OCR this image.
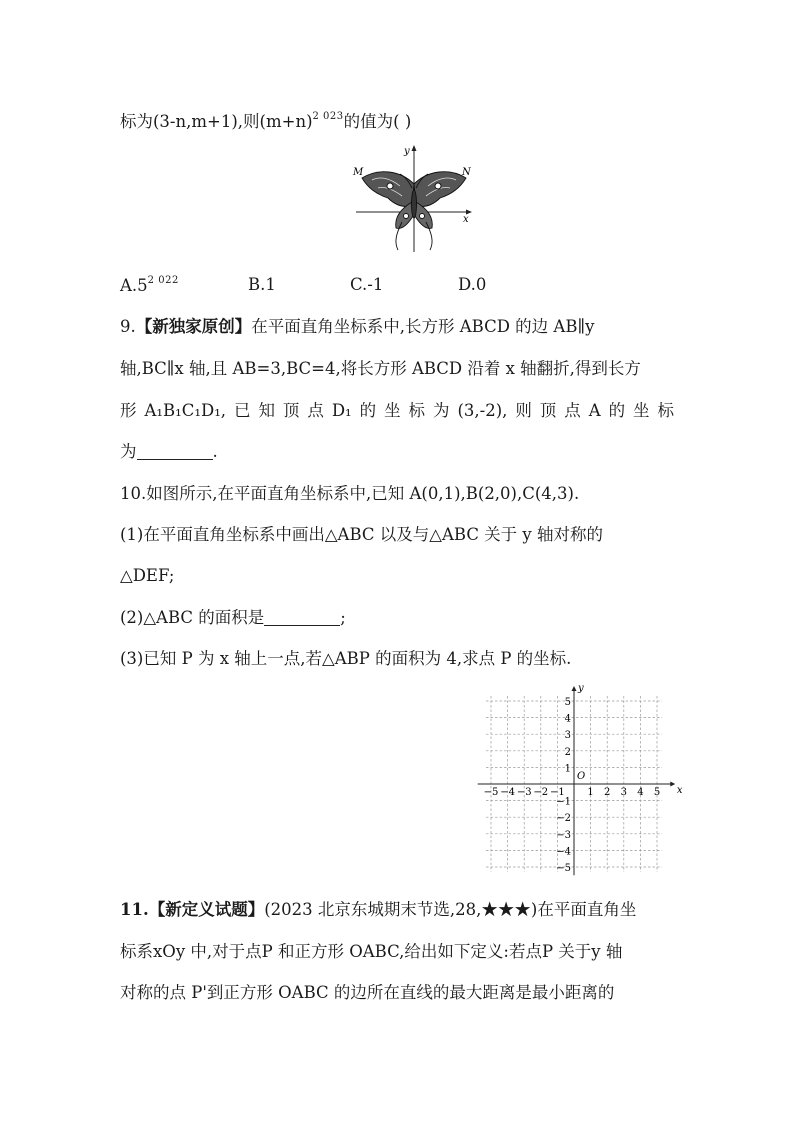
标为(3-n,m+1),则$(m+n)^{2 023}$的值为( )
x
y
M	N
$A.5^{2 022}$	B.1	C.-1	D.0
9.【新独家原创】在平面直角坐标系中,长方形 ABCD 的边 AB∥y
轴,BC∥x 轴,且 AB=3,BC=4,将长方形 ABCD 沿着 x 轴翻折,得到长方
形 A₁B₁C₁D₁, 已 知 顶 点 D₁ 的 坐 标 为 (3,-2), 则 顶 点 A 的 坐 标
为	.
10.如图所示,在平面直角坐标系中,已知 A(0,1),B(2,0),C(4,3).
(1)在平面直角坐标系中画出△ABC 以及与△ABC 关于 y 轴对称的
△DEF;
(2)△ABC 的面积是	;
(3)已知 P 为 x 轴上一点,若△ABP 的面积为 4,求点 P 的坐标.
−5 −4 −3 −2 −1 1 2 3 4 5
5
4
3
2
1
−1
−2
−3
−4
−5
O
x
y
11.【新定义试题】(2023 北京东城期末节选,28,★★★)在平面直角坐
标系xOy 中,对于点P 和正方形 OABC,给出如下定义:若点P 关于y 轴
对称的点 P'到正方形 OABC 的边所在直线的最大距离是最小距离的
